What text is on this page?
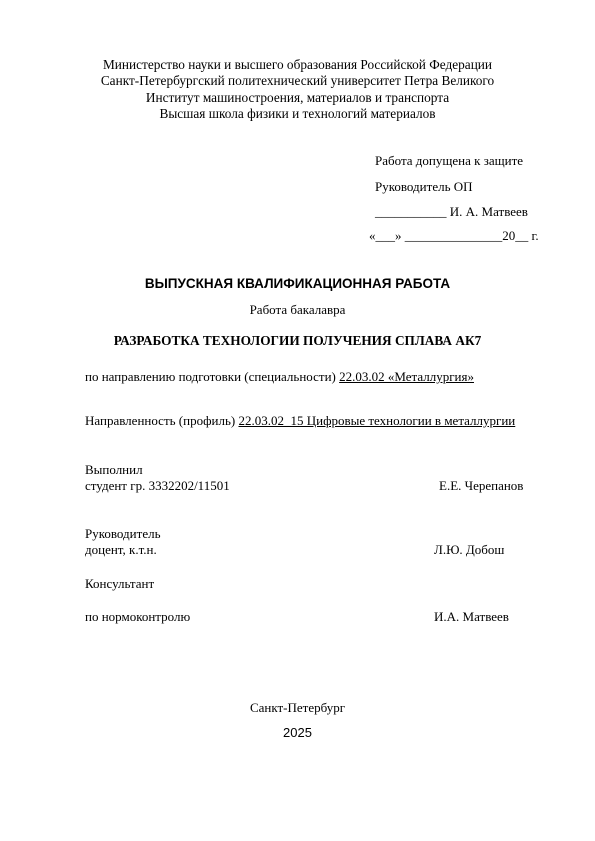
Министерство науки и высшего образования Российской Федерации
Санкт-Петербургский политехнический университет Петра Великого
Институт машиностроения, материалов и транспорта
Высшая школа физики и технологий материалов
Работа допущена к защите
Руководитель ОП
___________ И. А. Матвеев
«___» _______________20__ г.
ВЫПУСКНАЯ КВАЛИФИКАЦИОННАЯ РАБОТА
Работа бакалавра
РАЗРАБОТКА ТЕХНОЛОГИИ ПОЛУЧЕНИЯ СПЛАВА АК7
по направлению подготовки (специальности) 22.03.02 «Металлургия»
Направленность (профиль) 22.03.02_15 Цифровые технологии в металлургии
Выполнил
студент гр. 3332202/11501	Е.Е. Черепанов
Руководитель
доцент, к.т.н.	Л.Ю. Добош
Консультант
по нормоконтролю	И.А. Матвеев
Санкт-Петербург
2025
